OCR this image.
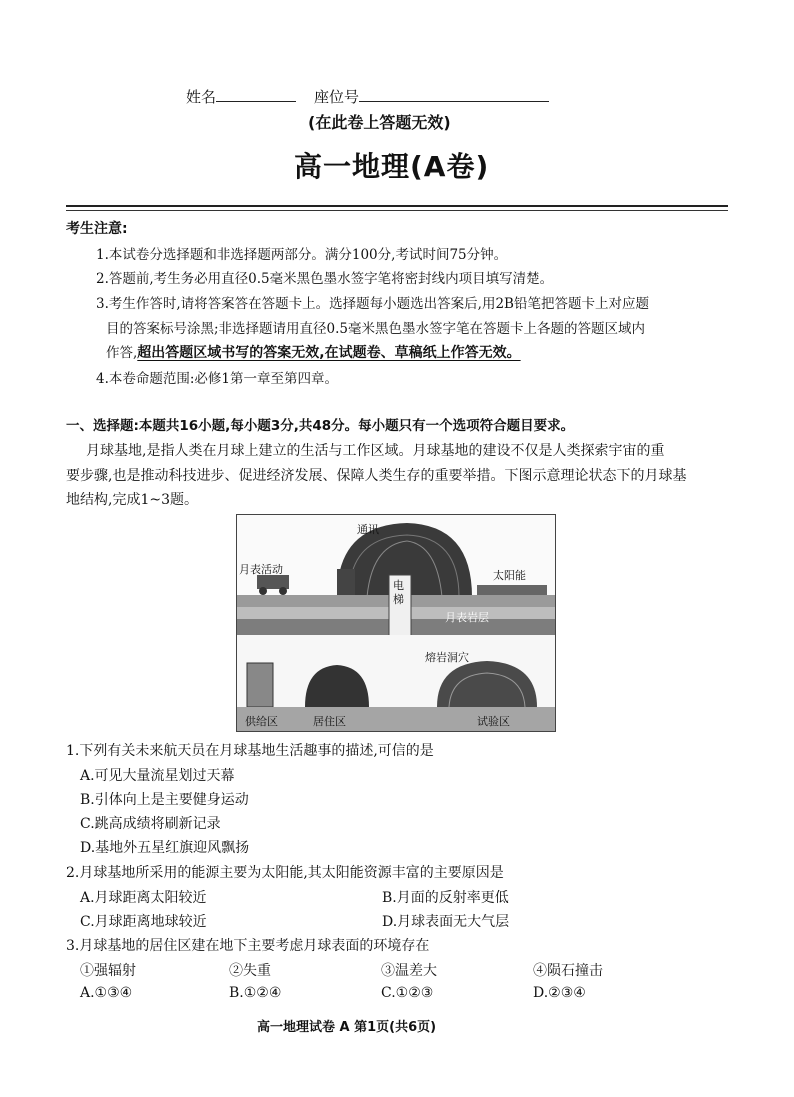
姓名	座位号
(在此卷上答题无效)
高一地理(A卷)
考生注意:
1.本试卷分选择题和非选择题两部分。满分100分,考试时间75分钟。
2.答题前,考生务必用直径0.5毫米黑色墨水签字笔将密封线内项目填写清楚。
3.考生作答时,请将答案答在答题卡上。选择题每小题选出答案后,用2B铅笔把答题卡上对应题
目的答案标号涂黑;非选择题请用直径0.5毫米黑色墨水签字笔在答题卡上各题的答题区域内
作答,超出答题区域书写的答案无效,在试题卷、草稿纸上作答无效。
4.本卷命题范围:必修1第一章至第四章。
一、选择题:本题共16小题,每小题3分,共48分。每小题只有一个选项符合题目要求。
月球基地,是指人类在月球上建立的生活与工作区域。月球基地的建设不仅是人类探索宇宙的重
要步骤,也是推动科技进步、促进经济发展、保障人类生存的重要举措。下图示意理论状态下的月球基
地结构,完成1~3题。
通讯
月表活动
电梯
太阳能
月表岩层
熔岩洞穴
供给区	居住区	试验区
1.下列有关未来航天员在月球基地生活趣事的描述,可信的是
A.可见大量流星划过天幕
B.引体向上是主要健身运动
C.跳高成绩将刷新记录
D.基地外五星红旗迎风飘扬
2.月球基地所采用的能源主要为太阳能,其太阳能资源丰富的主要原因是
A.月球距离太阳较近	B.月面的反射率更低
C.月球距离地球较近	D.月球表面无大气层
3.月球基地的居住区建在地下主要考虑月球表面的环境存在
①强辐射	②失重	③温差大	④陨石撞击
A.①③④	B.①②④	C.①②③	D.②③④
高一地理试卷 A 第1页(共6页)
